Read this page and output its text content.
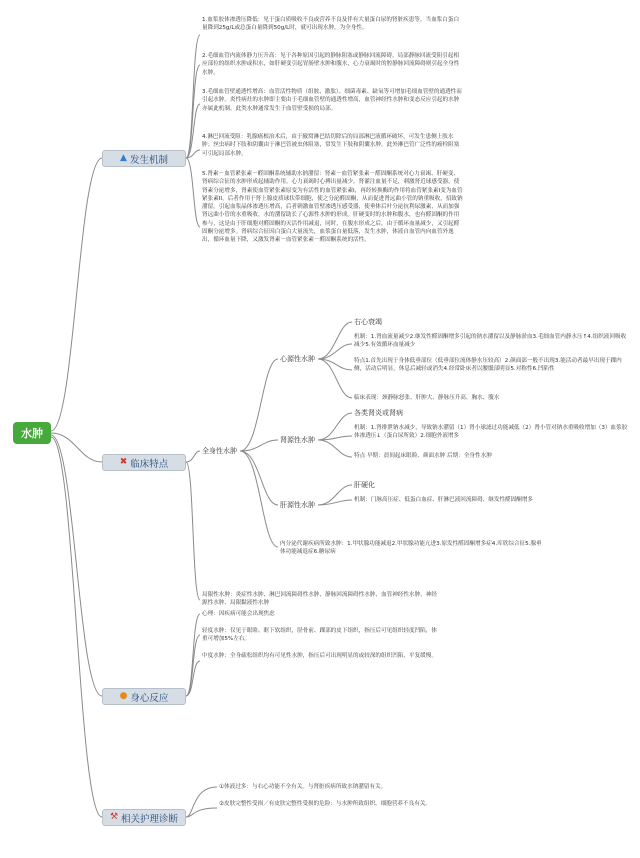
水肿
▲ 发生机制

1.血浆胶体渗透压降低：见于蛋白质吸收不良或营养不良及伴有大量蛋白尿的肾脏疾患等。当血浆白蛋白量降到25g/L或总蛋白量降到50g/L时，就可出现水肿，为全身性。

2.毛细血管内流体静力压升高：见于各种原因引起的静脉阻塞或静脉回流障碍。局部静脉回流受阻引起相应部位的组织水肿或积水，如肝硬变引起胃肠壁水肿和腹水，心力衰竭时的腔静脉回流障碍则引起全身性水肿。

3.毛细血管壁通透性增高：血管活性物质（组胺、激肽）、细菌毒素、缺氧等可增加毛细血管壁的通透性而引起水肿。炎性病灶的水肿即主要由于毛细血管壁的通透性增高，血管神经性水肿和变态反应引起的水肿亦属此机制。此类水肿通常发生于血管壁受损的局部。

4.淋巴回流受阻：乳腺癌根治术后，由于腋窝淋巴结切除后的局部淋巴液循环破坏，可发生患侧上肢水肿；丝虫病时下肢和阴囊由于淋巴管被虫体阻塞，常发生下肢和阴囊水肿。此外淋巴管广泛性的癌栓阻塞可引起局部水肿。

5.肾素－血管紧张素－醛固酮系统辅助水钠潴留：肾素－血管紧张素－醛固酮系统对心力衰竭、肝硬变、肾病综合征的水肿形成起辅助作用。心力衰竭时心搏出量减少，肾灌注血量不足，刺激肾近球感受器，使肾素分泌增多，肾素使血管紧张素原变为有活性的血管紧张素I，再经转换酶的作用将血管紧张素I变为血管紧张素II，后者作用于肾上腺皮质球状带细胞，使之分泌醛固酮，从而促进肾远曲小管的钠重吸收，招致钠潴留。引起血浆晶体渗透压增高，后者刺激血管壁渗透压感受器，使垂体后叶分泌抗利尿激素，从而加强肾远曲小管的水重吸收。水的潴留助长了心源性水肿的形成。肝硬变时的水肿和腹水，也有醛固酮的作用参与，这是由于肝细胞对醛固酮的灭活作用减退，同时，在腹水形成之后，由于循环血量减少，又引起醛固酮分泌增多。肾病综合征因白蛋白大量流失，血浆蛋白量低落，发生水肿，体液自血管内向血管外逸出，循环血量下降，又激发肾素－血管紧张素－醛固酮系统的活性。

✖ 临床特点
全身性水肿
心源性水肿
右心衰竭

机制：1.肾血流量减少2.继发性醛固酮增多引起的钠水潴留以及静脉淤血3.毛细血管内静水压↑4.组织液回吸收减少5.有效循环血量减少

特点1.首先出现于身体低垂部位（低垂部位流体静水压较高）2.颜面部一般不出现3.能活动者最早出现于踝内侧，活动后明显，休息后减轻或消失4.经常卧床者以腰骶部明显5.对称性6.凹陷性

临床表现：颈静脉怒张、肝肿大、静脉压升高、胸水、腹水

肾源性水肿
各类肾炎或肾病

机制：1.肾排泄钠水减少，导致钠水潴留（1）肾小球滤过功能减低（2）肾小管对钠水重吸收增加（3）血浆胶体渗透压↓（蛋白尿所致）2.细胞外液增多

特点 早期：晨间起床眼睑、颜面水肿 后期：全身性水肿

肝源性水肿
肝硬化

机制：门脉高压症、低蛋白血症、肝淋巴液回流障碍、继发性醛固酮增多

内分泌代谢疾病所致水肿：1.甲状腺功能减退2.甲状腺功能亢进3.原发性醛固酮增多症4.库欣综合征5.腺垂体功能减退症6.糖尿病

局限性水肿：炎症性水肿、淋巴回流障碍性水肿、静脉回流障碍性水肿、血管神经性水肿、神经源性水肿、局限黏液性水肿

● 身心反应

心理：因疾病可能会出现焦虑

轻度水肿：仅见于眼睑、眶下软组织，胫骨前、踝部的皮下组织，指压后可见组织轻度凹陷，体重可增加5%左右。

中度水肿：全身疏松组织均有可见性水肿，指压后可出现明显的或较深的组织凹陷，平复缓慢。

⚒ 相关护理诊断

①体液过多：与右心功能不全有关。与肾脏疾病所致水钠潴留有关。

②皮肤完整性受损／有皮肤完整性受损的危险：与水肿所致组织、细胞营养不良有关。
